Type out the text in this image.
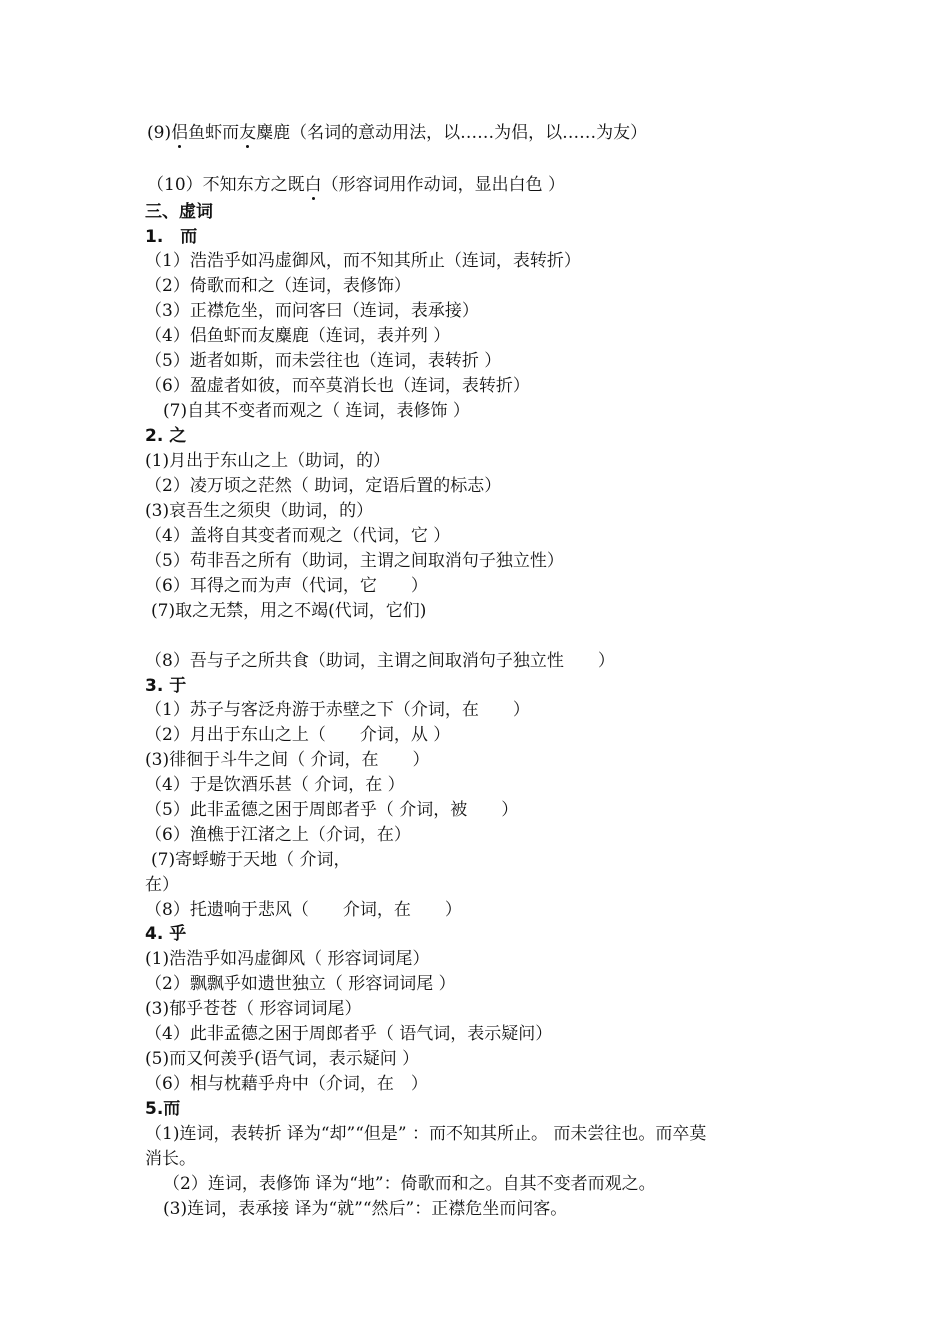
(9)侣鱼虾而友麋鹿（名词的意动用法，以……为侣，以……为友）
（10）不知东方之既白（形容词用作动词，显出白色 ）
三、虚词
1.　而
（1）浩浩乎如冯虚御风，而不知其所止（连词，表转折）
（2）倚歌而和之（连词，表修饰）
（3）正襟危坐，而问客曰（连词，表承接）
（4）侣鱼虾而友麋鹿（连词，表并列 ）
（5）逝者如斯，而未尝往也（连词，表转折 ）
（6）盈虚者如彼，而卒莫消长也（连词，表转折）
(7)自其不变者而观之（ 连词，表修饰 ）
2. 之
(1)月出于东山之上（助词，的）
（2）凌万顷之茫然（ 助词，定语后置的标志）
(3)哀吾生之须臾（助词，的）
（4）盖将自其变者而观之（代词，它 ）
（5）苟非吾之所有（助词，主谓之间取消句子独立性）
（6）耳得之而为声（代词，它　　）
(7)取之无禁，用之不竭(代词，它们)
（8）吾与子之所共食（助词，主谓之间取消句子独立性　　）
3. 于
（1）苏子与客泛舟游于赤壁之下（介词，在　　）
（2）月出于东山之上（　　介词，从 ）
(3)徘徊于斗牛之间（ 介词，在　　）
（4）于是饮酒乐甚（ 介词，在 ）
（5）此非孟德之困于周郎者乎（ 介词，被　　）
（6）渔樵于江渚之上（介词，在）
(7)寄蜉蝣于天地（ 介词，
在）
（8）托遗响于悲风（　　介词，在　　）
4. 乎
(1)浩浩乎如冯虚御风（ 形容词词尾）
（2）飘飘乎如遗世独立（ 形容词词尾 ）
(3)郁乎苍苍（ 形容词词尾）
（4）此非孟德之困于周郎者乎（ 语气词，表示疑问）
(5)而又何羡乎(语气词，表示疑问 ）
（6）相与枕藉乎舟中（介词，在　）
5.而
（1)连词，表转折 译为“却”“但是” ：而不知其所止。 而未尝往也。而卒莫
消长。
（2）连词，表修饰 译为“地”：倚歌而和之。自其不变者而观之。
(3)连词，表承接 译为“就”“然后”：正襟危坐而问客。
